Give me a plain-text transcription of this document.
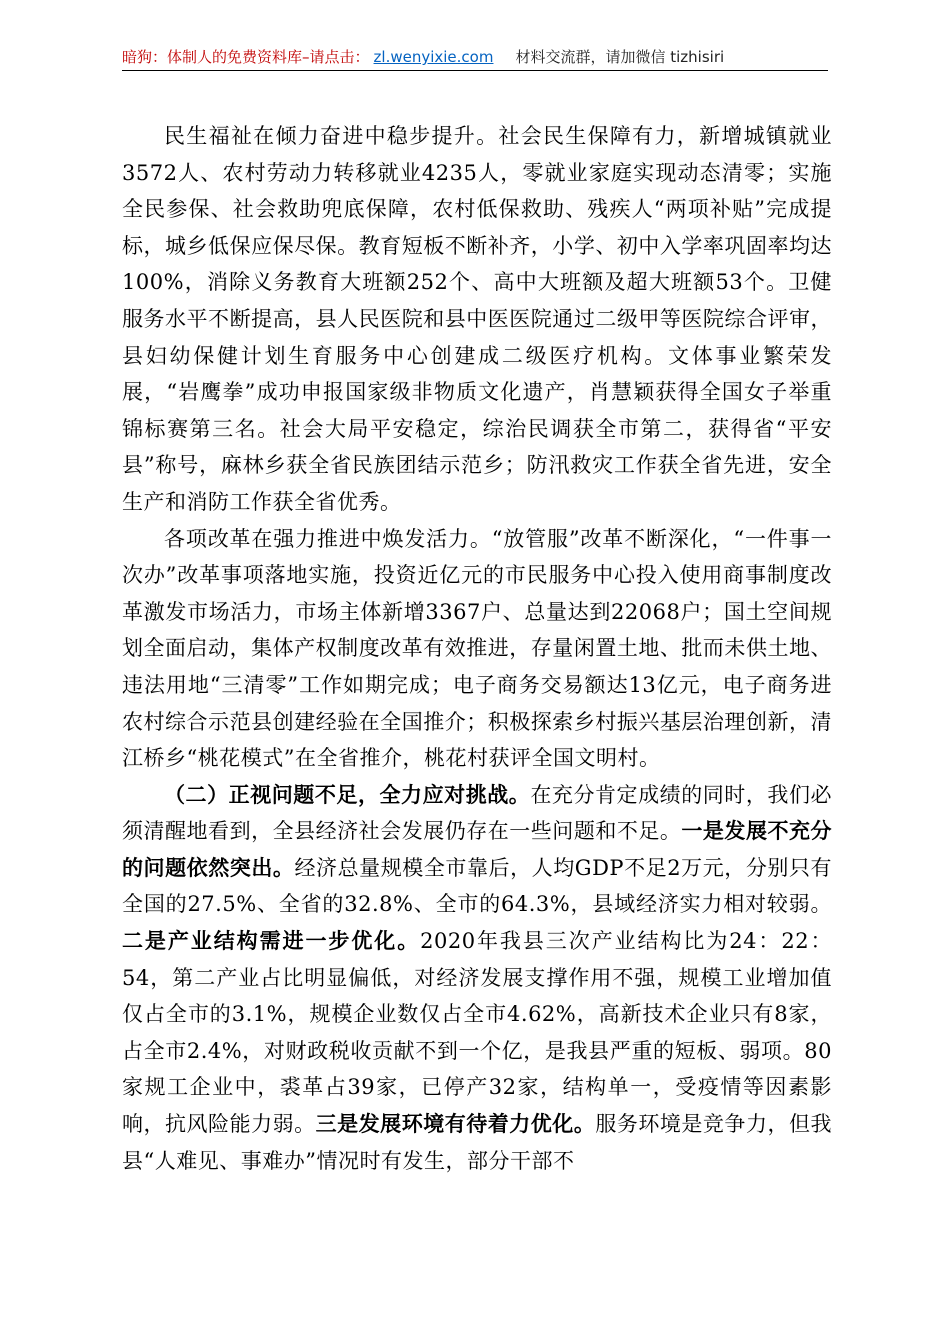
暗狗：体制人的免费资料库–请点击： zl.wenyixie.com 材料交流群，请加微信 tizhisiri

民生福祉在倾力奋进中稳步提升。社会民生保障有力，新增城镇就业3572人、农村劳动力转移就业4235人，零就业家庭实现动态清零；实施全民参保、社会救助兜底保障，农村低保救助、残疾人“两项补贴”完成提标，城乡低保应保尽保。教育短板不断补齐，小学、初中入学率巩固率均达100%，消除义务教育大班额252个、高中大班额及超大班额53个。卫健服务水平不断提高，县人民医院和县中医医院通过二级甲等医院综合评审，县妇幼保健计划生育服务中心创建成二级医疗机构。文体事业繁荣发展，“岩鹰拳”成功申报国家级非物质文化遗产，肖慧颖获得全国女子举重锦标赛第三名。社会大局平安稳定，综治民调获全市第二，获得省“平安县”称号，麻林乡获全省民族团结示范乡；防汛救灾工作获全省先进，安全生产和消防工作获全省优秀。

各项改革在强力推进中焕发活力。“放管服”改革不断深化，“一件事一次办”改革事项落地实施，投资近亿元的市民服务中心投入使用商事制度改革激发市场活力，市场主体新增3367户、总量达到22068户；国土空间规划全面启动，集体产权制度改革有效推进，存量闲置土地、批而未供土地、违法用地“三清零”工作如期完成；电子商务交易额达13亿元，电子商务进农村综合示范县创建经验在全国推介；积极探索乡村振兴基层治理创新，清江桥乡“桃花模式”在全省推介，桃花村获评全国文明村。

（二）正视问题不足，全力应对挑战。在充分肯定成绩的同时，我们必须清醒地看到，全县经济社会发展仍存在一些问题和不足。一是发展不充分的问题依然突出。经济总量规模全市靠后，人均GDP不足2万元，分别只有全国的27.5%、全省的32.8%、全市的64.3%，县域经济实力相对较弱。二是产业结构需进一步优化。2020年我县三次产业结构比为24：22：54，第二产业占比明显偏低，对经济发展支撑作用不强，规模工业增加值仅占全市的3.1%，规模企业数仅占全市4.62%，高新技术企业只有8家，占全市2.4%，对财政税收贡献不到一个亿，是我县严重的短板、弱项。80家规工企业中，裘革占39家，已停产32家，结构单一，受疫情等因素影响，抗风险能力弱。三是发展环境有待着力优化。服务环境是竞争力，但我县“人难见、事难办”情况时有发生，部分干部不
